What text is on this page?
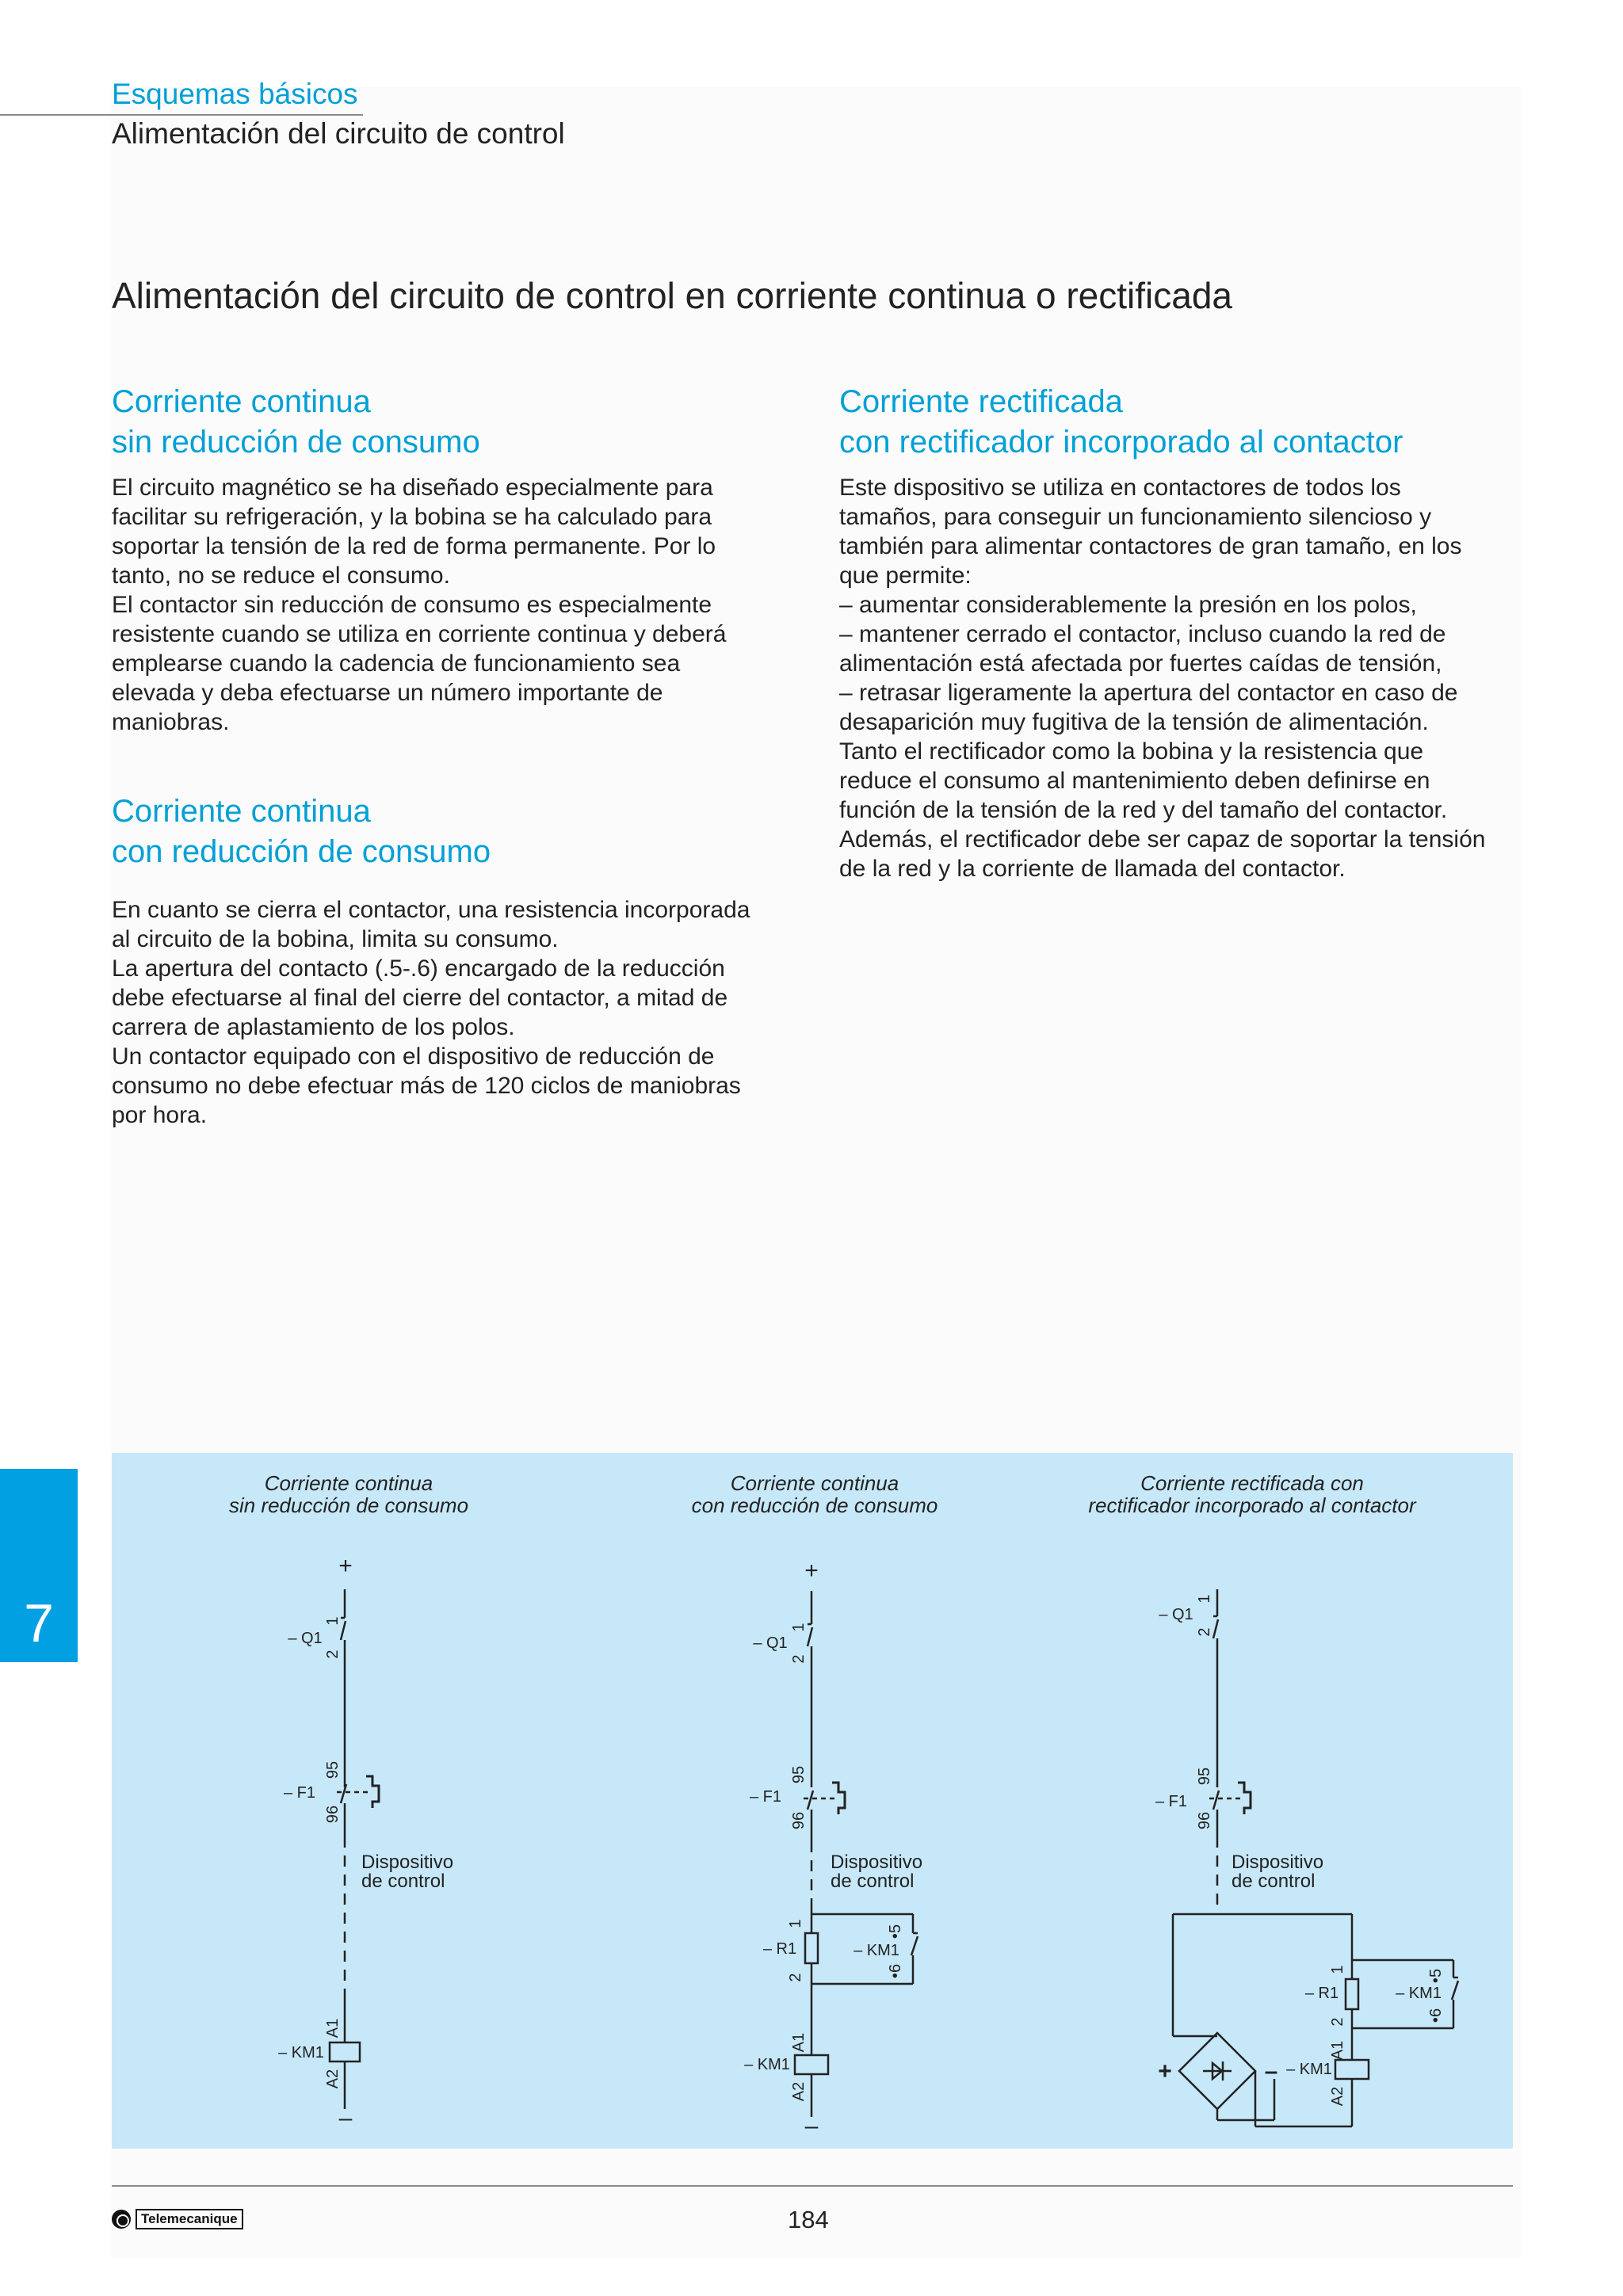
Esquemas básicos
Alimentación del circuito de control
Alimentación del circuito de control en corriente continua o rectificada
Corriente continua
sin reducción de consumo
El circuito magnético se ha diseñado especialmente para
facilitar su refrigeración, y la bobina se ha calculado para
soportar la tensión de la red de forma permanente. Por lo
tanto, no se reduce el consumo.
El contactor sin reducción de consumo es especialmente
resistente cuando se utiliza en corriente continua y deberá
emplearse cuando la cadencia de funcionamiento sea
elevada y deba efectuarse un número importante de
maniobras.
Corriente continua
con reducción de consumo
En cuanto se cierra el contactor, una resistencia incorporada
al circuito de la bobina, limita su consumo.
La apertura del contacto (.5-.6) encargado de la reducción
debe efectuarse al final del cierre del contactor, a mitad de
carrera de aplastamiento de los polos.
Un contactor equipado con el dispositivo de reducción de
consumo no debe efectuar más de 120 ciclos de maniobras
por hora.
Corriente rectificada
con rectificador incorporado al contactor
Este dispositivo se utiliza en contactores de todos los
tamaños, para conseguir un funcionamiento silencioso y
también para alimentar contactores de gran tamaño, en los
que permite:
– aumentar considerablemente la presión en los polos,
– mantener cerrado el contactor, incluso cuando la red de
alimentación está afectada por fuertes caídas de tensión,
– retrasar ligeramente la apertura del contactor en caso de
desaparición muy fugitiva de la tensión de alimentación.
Tanto el rectificador como la bobina y la resistencia que
reduce el consumo al mantenimiento deben definirse en
función de la tensión de la red y del tamaño del contactor.
Además, el rectificador debe ser capaz de soportar la tensión
de la red y la corriente de llamada del contactor.
7
Corriente continua
sin reducción de consumo
Corriente continua
con reducción de consumo
Corriente rectificada con
rectificador incorporado al contactor
+
–
– Q1
– F1
– KM1
1
2
95
96
A1
A2
Dispositivo de control
+
–
– Q1
– F1
– R1	– KM1
– KM1
1
2
95
96
1
2
•5
•6
A1
A2
Dispositivo de control
+	–
– Q1
– F1
– R1	– KM1
– KM1
1
2
95
96
1
2
•5
•6
A1
A2
Dispositivo de control
Telemecanique	184
